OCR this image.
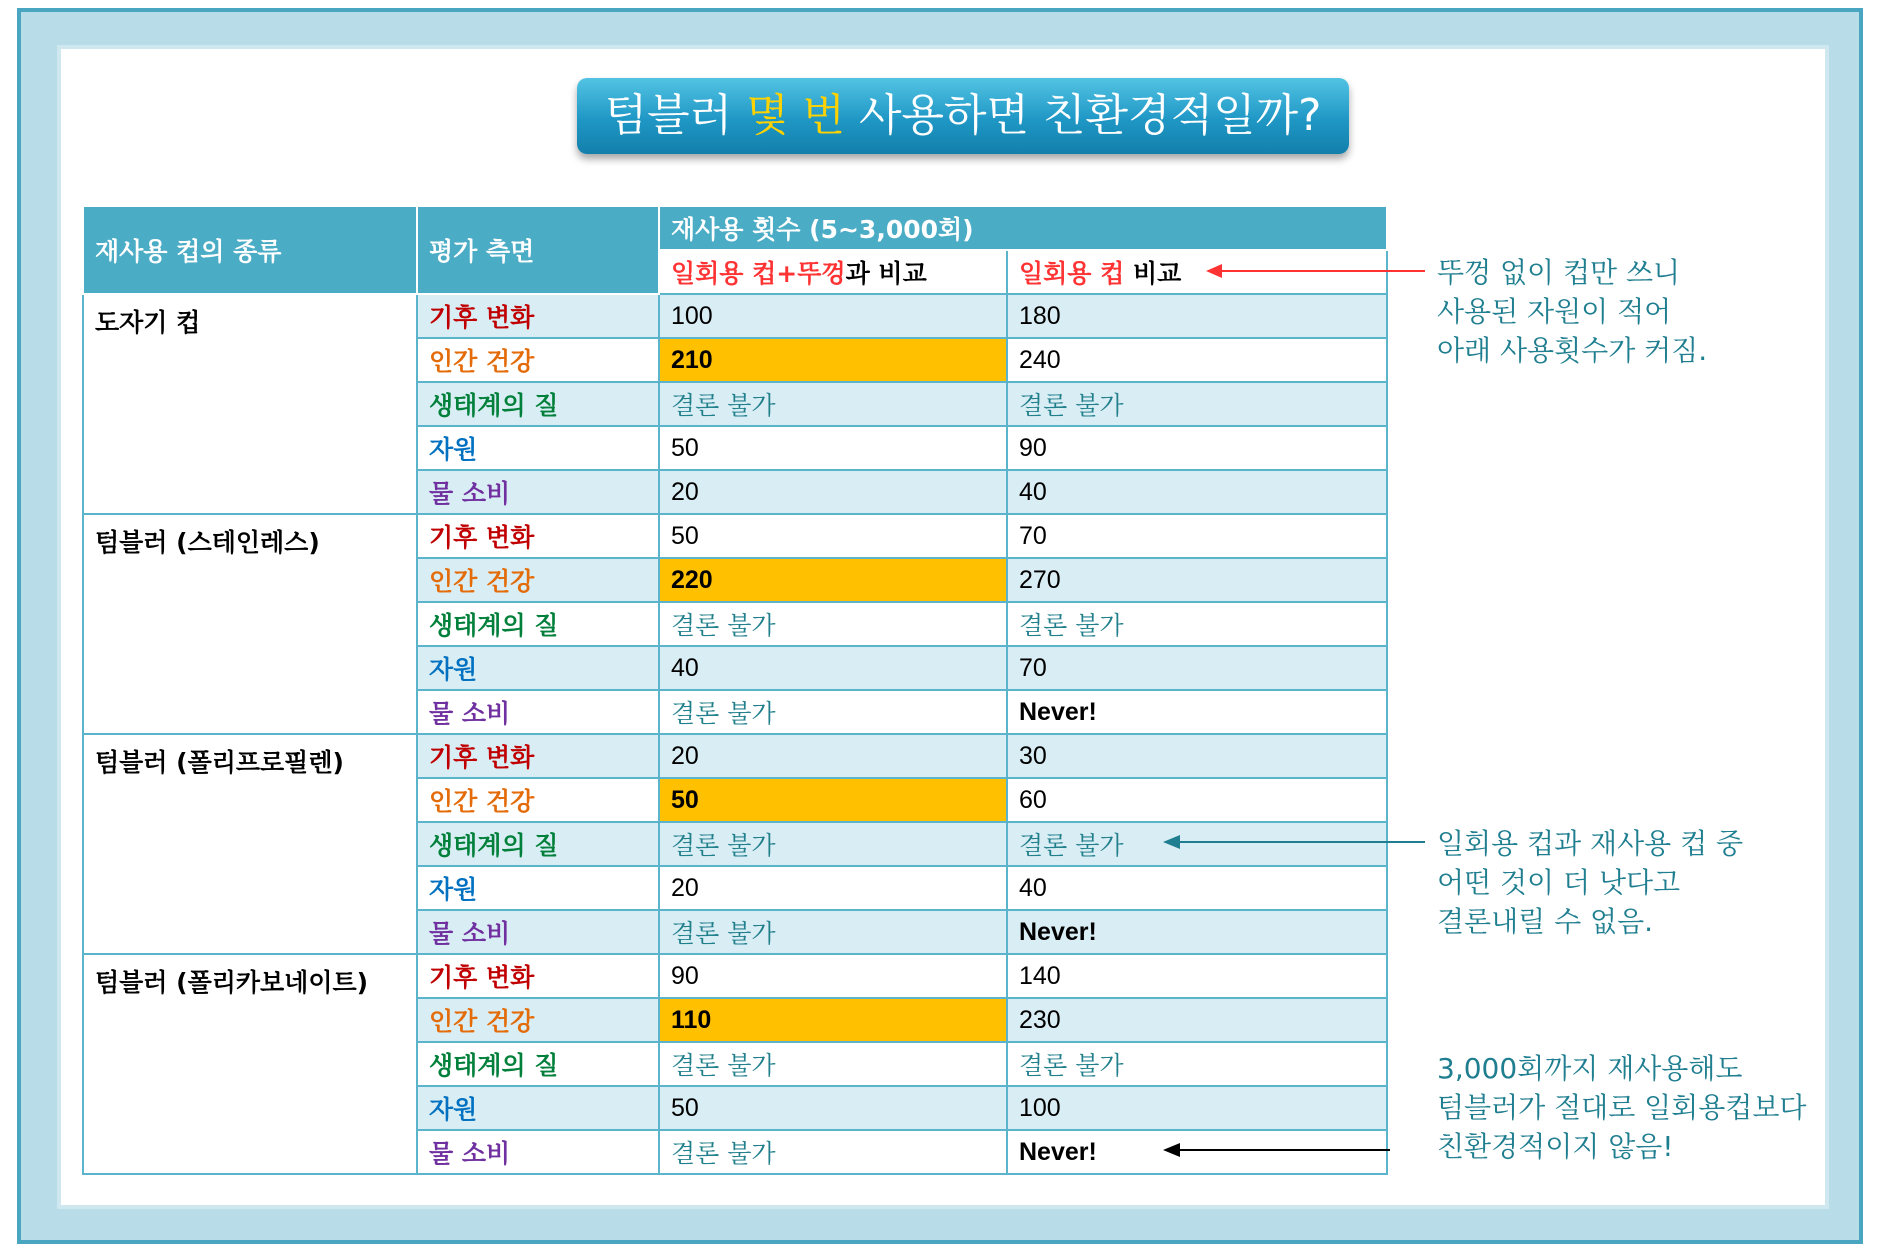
텀블러 몇 번 사용하면 친환경적일까?
재사용 컵의 종류	평가 측면	재사용 횟수 (5~3,000회)	
		일회용 컵+뚜껑과 비교	일회용 컵 비교
도자기 컵	기후 변화	100	180
	인간 건강	210	240
	생태계의 질	결론 불가	결론 불가
	자원	50	90
	물 소비	20	40
텀블러 (스테인레스)	기후 변화	50	70
	인간 건강	220	270
	생태계의 질	결론 불가	결론 불가
	자원	40	70
	물 소비	결론 불가	Never!
텀블러 (폴리프로필렌)	기후 변화	20	30
	인간 건강	50	60
	생태계의 질	결론 불가	결론 불가
	자원	20	40
	물 소비	결론 불가	Never!
텀블러 (폴리카보네이트)	기후 변화	90	140
	인간 건강	110	230
	생태계의 질	결론 불가	결론 불가
	자원	50	100
	물 소비	결론 불가	Never!
뚜껑 없이 컵만 쓰니
사용된 자원이 적어
아래 사용횟수가 커짐.
일회용 컵과 재사용 컵 중
어떤 것이 더 낫다고
결론내릴 수 없음.
3,000회까지 재사용해도
텀블러가 절대로 일회용컵보다
친환경적이지 않음!
